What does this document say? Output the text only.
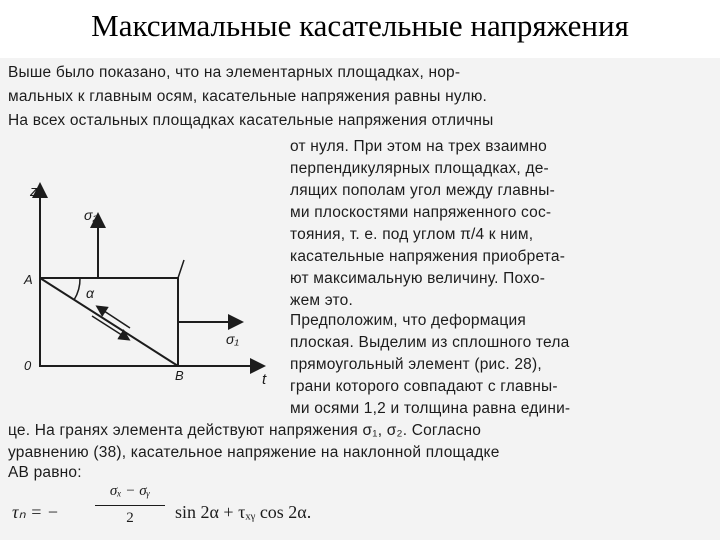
Максимальные касательные напряжения
Выше было показано, что на элементарных площадках, нор-
мальных к главным осям, касательные напряжения равны нулю.
На всех остальных площадках касательные напряжения отличны
от нуля. При этом на трех взаимно
перпендикулярных площадках, де-
лящих пополам угол между главны-
ми плоскостями напряженного сос-
тояния, т. е. под углом π/4 к ним,
касательные напряжения приобрета-
ют максимальную величину. Похо-
жем это.
Предположим, что деформация
плоская. Выделим из сплошного тела
прямоугольный элемент (рис. 28),
грани которого совпадают с главны-
ми осями 1,2 и толщина равна едини-
це. На гранях элемента действуют напряжения σ₁, σ₂. Согласно
уравнению (38), касательное напряжение на наклонной площадке
AB равно:
z
t
0
A
B
α
σ₂
σ₁
τₙ = −
σₓ − σᵧ
2	sin 2α + τₓᵧ cos 2α.
